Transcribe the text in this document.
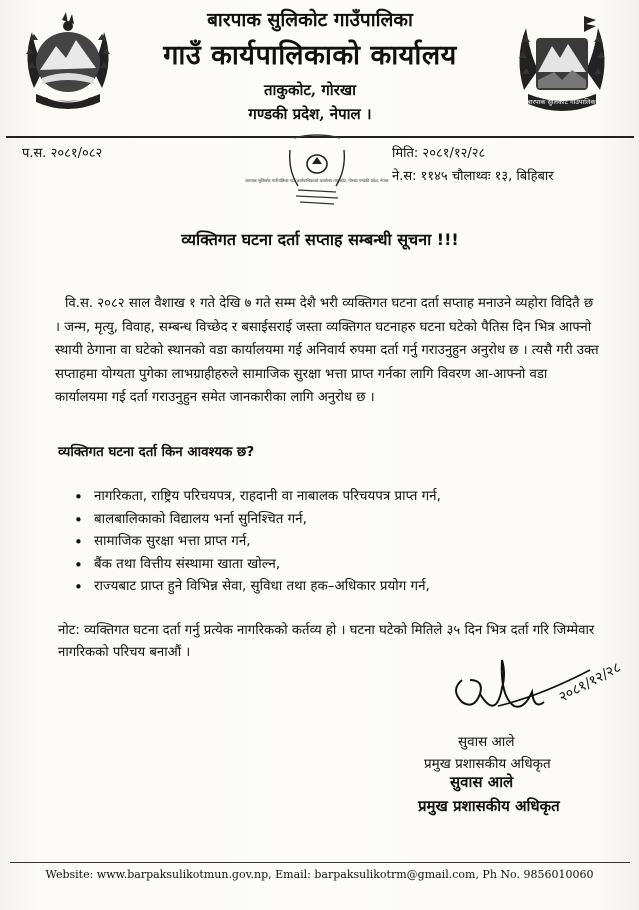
बारपाक सुलिकोट गाउँपालिका
बारपाक सुलिकोट गाउँपालिका
गाउँ कार्यपालिकाको कार्यालय
ताकुकोट, गोरखा
गण्डकी प्रदेश, नेपाल ।
प.स. २०८१/०८२	मिति: २०८१/१२/२८
ने.स: ११४५ चौलाथ्वः १३, बिहिबार
बारपाक सुलिकोट गाउँपालिका गाउँ कार्यपालिकाको कार्यालय ताकुकोट, गोरखा गण्डकी प्रदेश, नेपाल
व्यक्तिगत घटना दर्ता सप्ताह सम्बन्धी सूचना !!!
वि.स. २०८२ साल वैशाख १ गते देखि ७ गते सम्म देशै भरी व्यक्तिगत घटना दर्ता सप्ताह मनाउने व्यहोरा विदितै छ । जन्म, मृत्यु, विवाह, सम्बन्ध विच्छेद र बसाईसराई जस्ता व्यक्तिगत घटनाहरु घटना घटेको पैतिस दिन भित्र आफ्नो स्थायी ठेगाना वा घटेको स्थानको वडा कार्यालयमा गई अनिवार्य रुपमा दर्ता गर्नु गराउनुहुन अनुरोध छ । त्यसै गरी उक्त सप्ताहमा योग्यता पुगेका लाभग्राहीहरुले सामाजिक सुरक्षा भत्ता प्राप्त गर्नका लागि विवरण आ-आफ्नो वडा कार्यालयमा गई दर्ता गराउनुहुन समेत जानकारीका लागि अनुरोध छ ।
व्यक्तिगत घटना दर्ता किन आवश्यक छ?
• नागरिकता, राष्ट्रिय परिचयपत्र, राहदानी वा नाबालक परिचयपत्र प्राप्त गर्न,
• बालबालिकाको विद्यालय भर्ना सुनिश्चित गर्न,
• सामाजिक सुरक्षा भत्ता प्राप्त गर्न,
• बैंक तथा वित्तीय संस्थामा खाता खोल्न,
• राज्यबाट प्राप्त हुने विभिन्न सेवा, सुविधा तथा हक–अधिकार प्रयोग गर्न,
नोट: व्यक्तिगत घटना दर्ता गर्नु प्रत्येक नागरिकको कर्तव्य हो । घटना घटेको मितिले ३५ दिन भित्र दर्ता गरि जिम्मेवार नागरिकको परिचय बनाऔं ।
२०८१/१२/२८
सुवास आले
प्रमुख प्रशासकीय अधिकृत
सुवास आले
प्रमुख प्रशासकीय अधिकृत
Website: www.barpaksulikotmun.gov.np, Email: barpaksulikotrm@gmail.com, Ph No. 9856010060
